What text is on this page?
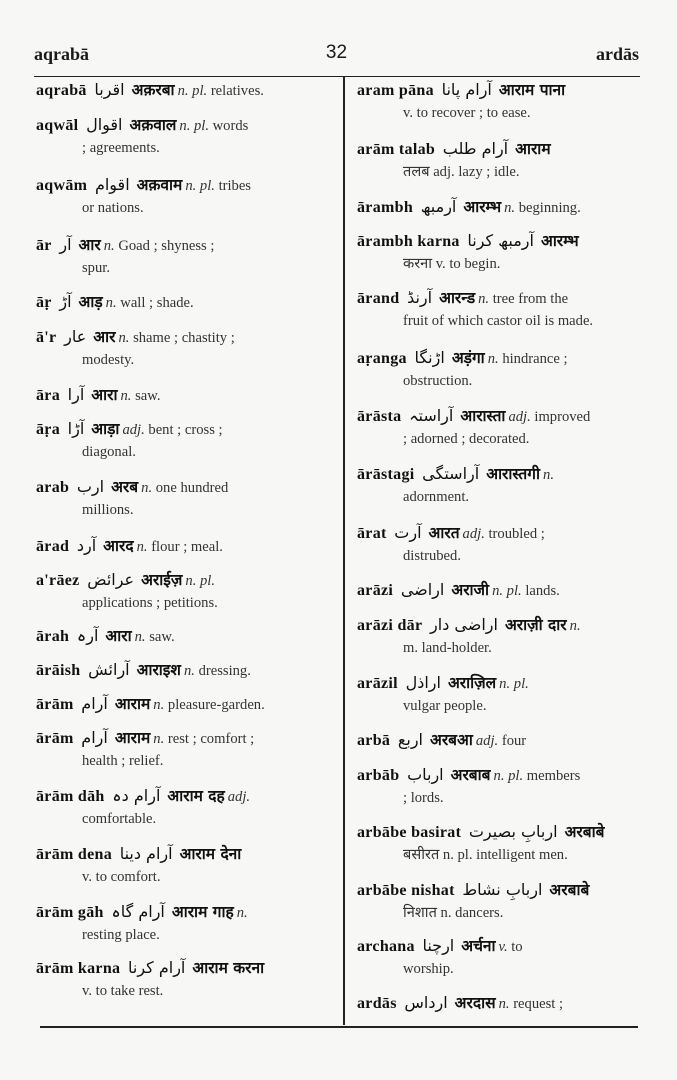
aqrabā	32	ardās
aqrabā اقربا अक़रबा n. pl. relatives.
aqwāl اقوال अक़वाल n. pl. words
; agreements.
aqwām اقوام अक़वाम n. pl. tribes
or nations.
ār آر आर n. Goad ; shyness ;
spur.
āṛ آڑ आड़ n. wall ; shade.
ā'r عار आर n. shame ; chastity ;
modesty.
āra آرا आरा n. saw.
āṛa آڑا आड़ा adj. bent ; cross ;
diagonal.
arab ارب अरब n. one hundred
millions.
ārad آرد आरद n. flour ; meal.
a'rāez عرائض अराईज़ n. pl.
applications ; petitions.
ārah آرہ आरा n. saw.
ārāish آرائش आराइश n. dressing.
ārām آرام आराम n. pleasure-garden.
ārām آرام आराम n. rest ; comfort ;
health ; relief.
ārām dāh آرام دہ आराम दह adj.
comfortable.
ārām dena آرام دینا आराम देना
v. to comfort.
ārām gāh آرام گاہ आराम गाह n.
resting place.
ārām karna آرام کرنا आराम करना
v. to take rest.
aram pāna آرام پانا आराम पाना
v. to recover ; to ease.
arām talab آرام طلب आराम
तलब adj. lazy ; idle.
ārambh آرمبھ आरम्भ n. beginning.
ārambh karna آرمبھ کرنا आरम्भ
करना v. to begin.
ārand آرنڈ आरन्ड n. tree from the
fruit of which castor oil is made.
aṛanga اڑنگا अड़ंगा n. hindrance ;
obstruction.
ārāsta آراستہ आरास्ता adj. improved
; adorned ; decorated.
ārāstagi آراستگی आरास्तगी n.
adornment.
ārat آرت आरत adj. troubled ;
distrubed.
arāzi اراضی अराजी n. pl. lands.
arāzi dār اراضی دار अराज़ी दार n.
m. land-holder.
arāzil اراذل अराज़िल n. pl.
vulgar people.
arbā اربع अरबआ adj. four
arbāb ارباب अरबाब n. pl. members
; lords.
arbābe basirat اربابِ بصیرت अरबाबे
बसीरत n. pl. intelligent men.
arbābe nishat اربابِ نشاط अरबाबे
निशात n. dancers.
archana ارچنا अर्चना v. to
worship.
ardās ارداس अरदास n. request ;
